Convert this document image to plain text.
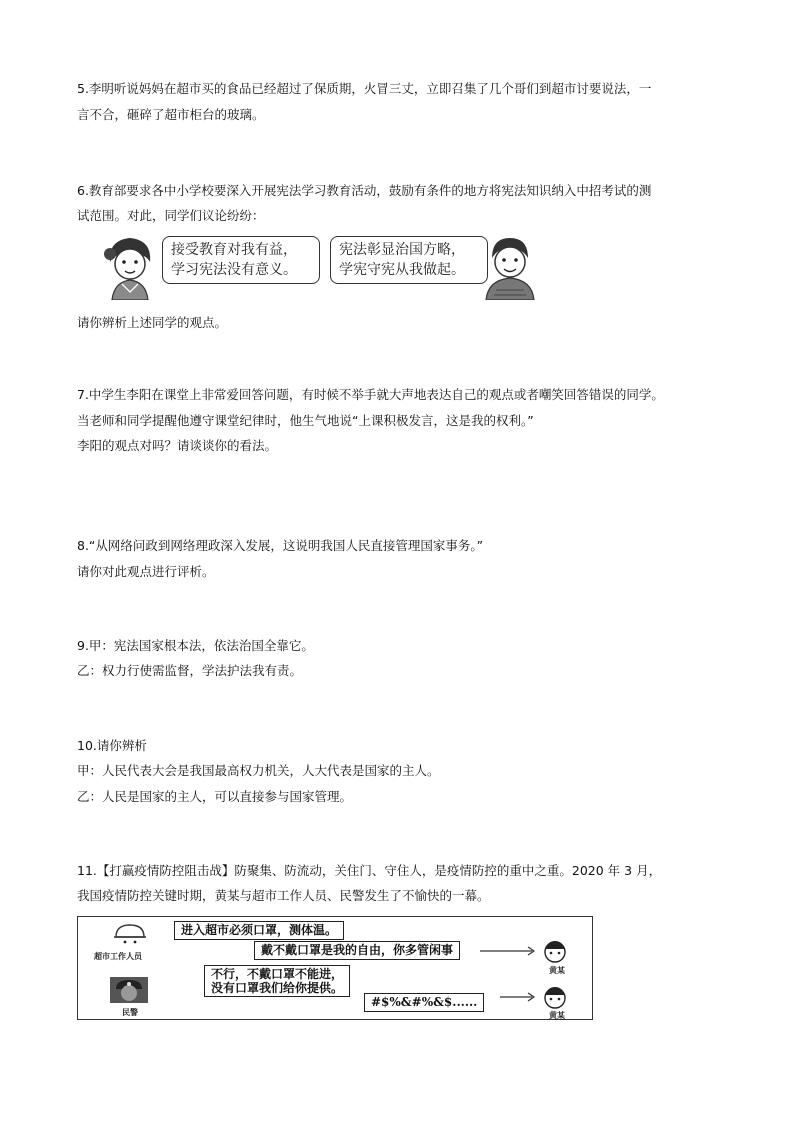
5.李明听说妈妈在超市买的食品已经超过了保质期，火冒三丈，立即召集了几个哥们到超市讨要说法，一
言不合，砸碎了超市柜台的玻璃。
6.教育部要求各中小学校要深入开展宪法学习教育活动，鼓励有条件的地方将宪法知识纳入中招考试的测
试范围。对此，同学们议论纷纷：
接受教育对我有益，
学习宪法没有意义。
宪法彰显治国方略，
学宪守宪从我做起。
请你辨析上述同学的观点。
7.中学生李阳在课堂上非常爱回答问题，有时候不举手就大声地表达自己的观点或者嘲笑回答错误的同学。
当老师和同学提醒他遵守课堂纪律时，他生气地说“上课积极发言，这是我的权利。”
李阳的观点对吗？请谈谈你的看法。
8.“从网络问政到网络理政深入发展，这说明我国人民直接管理国家事务。”
请你对此观点进行评析。
9.甲：宪法国家根本法，依法治国全靠它。
乙：权力行使需监督，学法护法我有责。
10.请你辨析
甲：人民代表大会是我国最高权力机关，人大代表是国家的主人。
乙：人民是国家的主人，可以直接参与国家管理。
11.【打赢疫情防控阻击战】防聚集、防流动，关住门、守住人，是疫情防控的重中之重。2020 年 3 月，
我国疫情防控关键时期，黄某与超市工作人员、民警发生了不愉快的一幕。
超市工作人员
民警
进入超市必须口罩，测体温。
戴不戴口罩是我的自由，你多管闲事
不行，不戴口罩不能进，
没有口罩我们给你提供。
#$%&#%&$......
黄某
黄某
